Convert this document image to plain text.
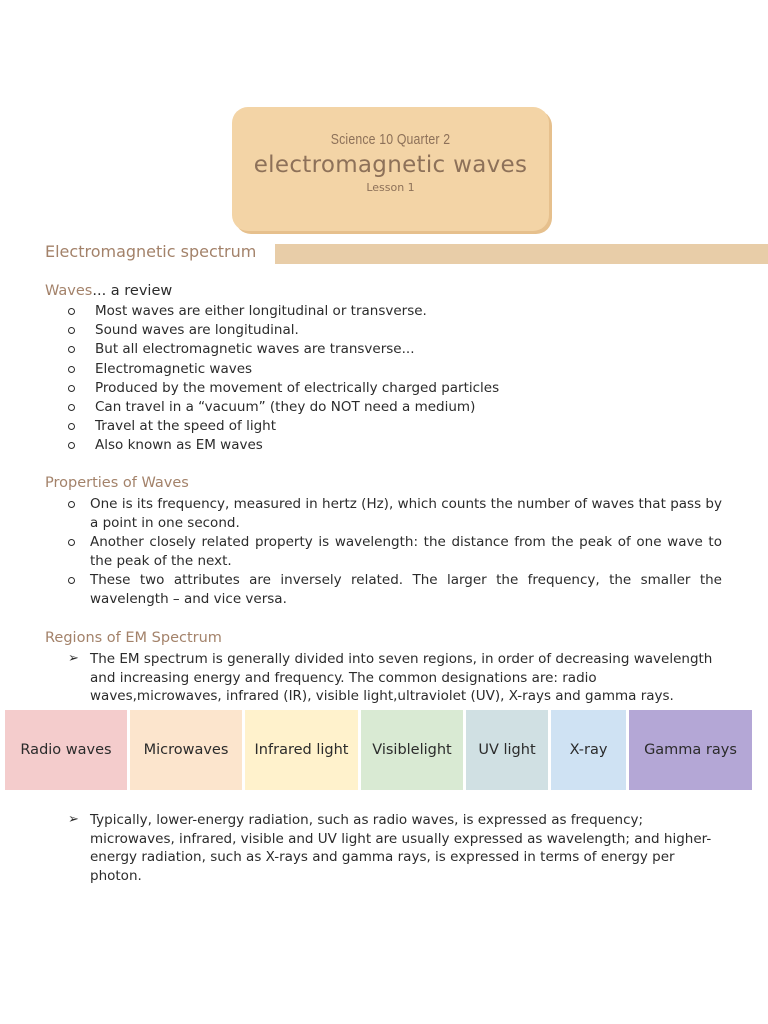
Science 10 Quarter 2
electromagnetic waves
Lesson 1
Electromagnetic spectrum
Waves... a review
Most waves are either longitudinal or transverse.
Sound waves are longitudinal.
But all electromagnetic waves are transverse...
Electromagnetic waves
Produced by the movement of electrically charged particles
Can travel in a “vacuum” (they do NOT need a medium)
Travel at the speed of light
Also known as EM waves
Properties of Waves
One is its frequency, measured in hertz (Hz), which counts the number of waves that pass by a point in one second.
Another closely related property is wavelength: the distance from the peak of one wave to the peak of the next.
These two attributes are inversely related. The larger the frequency, the smaller the wavelength – and vice versa.
Regions of EM Spectrum
➢ The EM spectrum is generally divided into seven regions, in order of decreasing wavelength and increasing energy and frequency. The common designations are: radio waves,microwaves, infrared (IR), visible light,ultraviolet (UV), X-rays and gamma rays.
Radio waves	Microwaves	Infrared light	Visiblelight	UV light	X-ray	Gamma rays
➢ Typically, lower-energy radiation, such as radio waves, is expressed as frequency; microwaves, infrared, visible and UV light are usually expressed as wavelength; and higher-energy radiation, such as X-rays and gamma rays, is expressed in terms of energy per photon.
